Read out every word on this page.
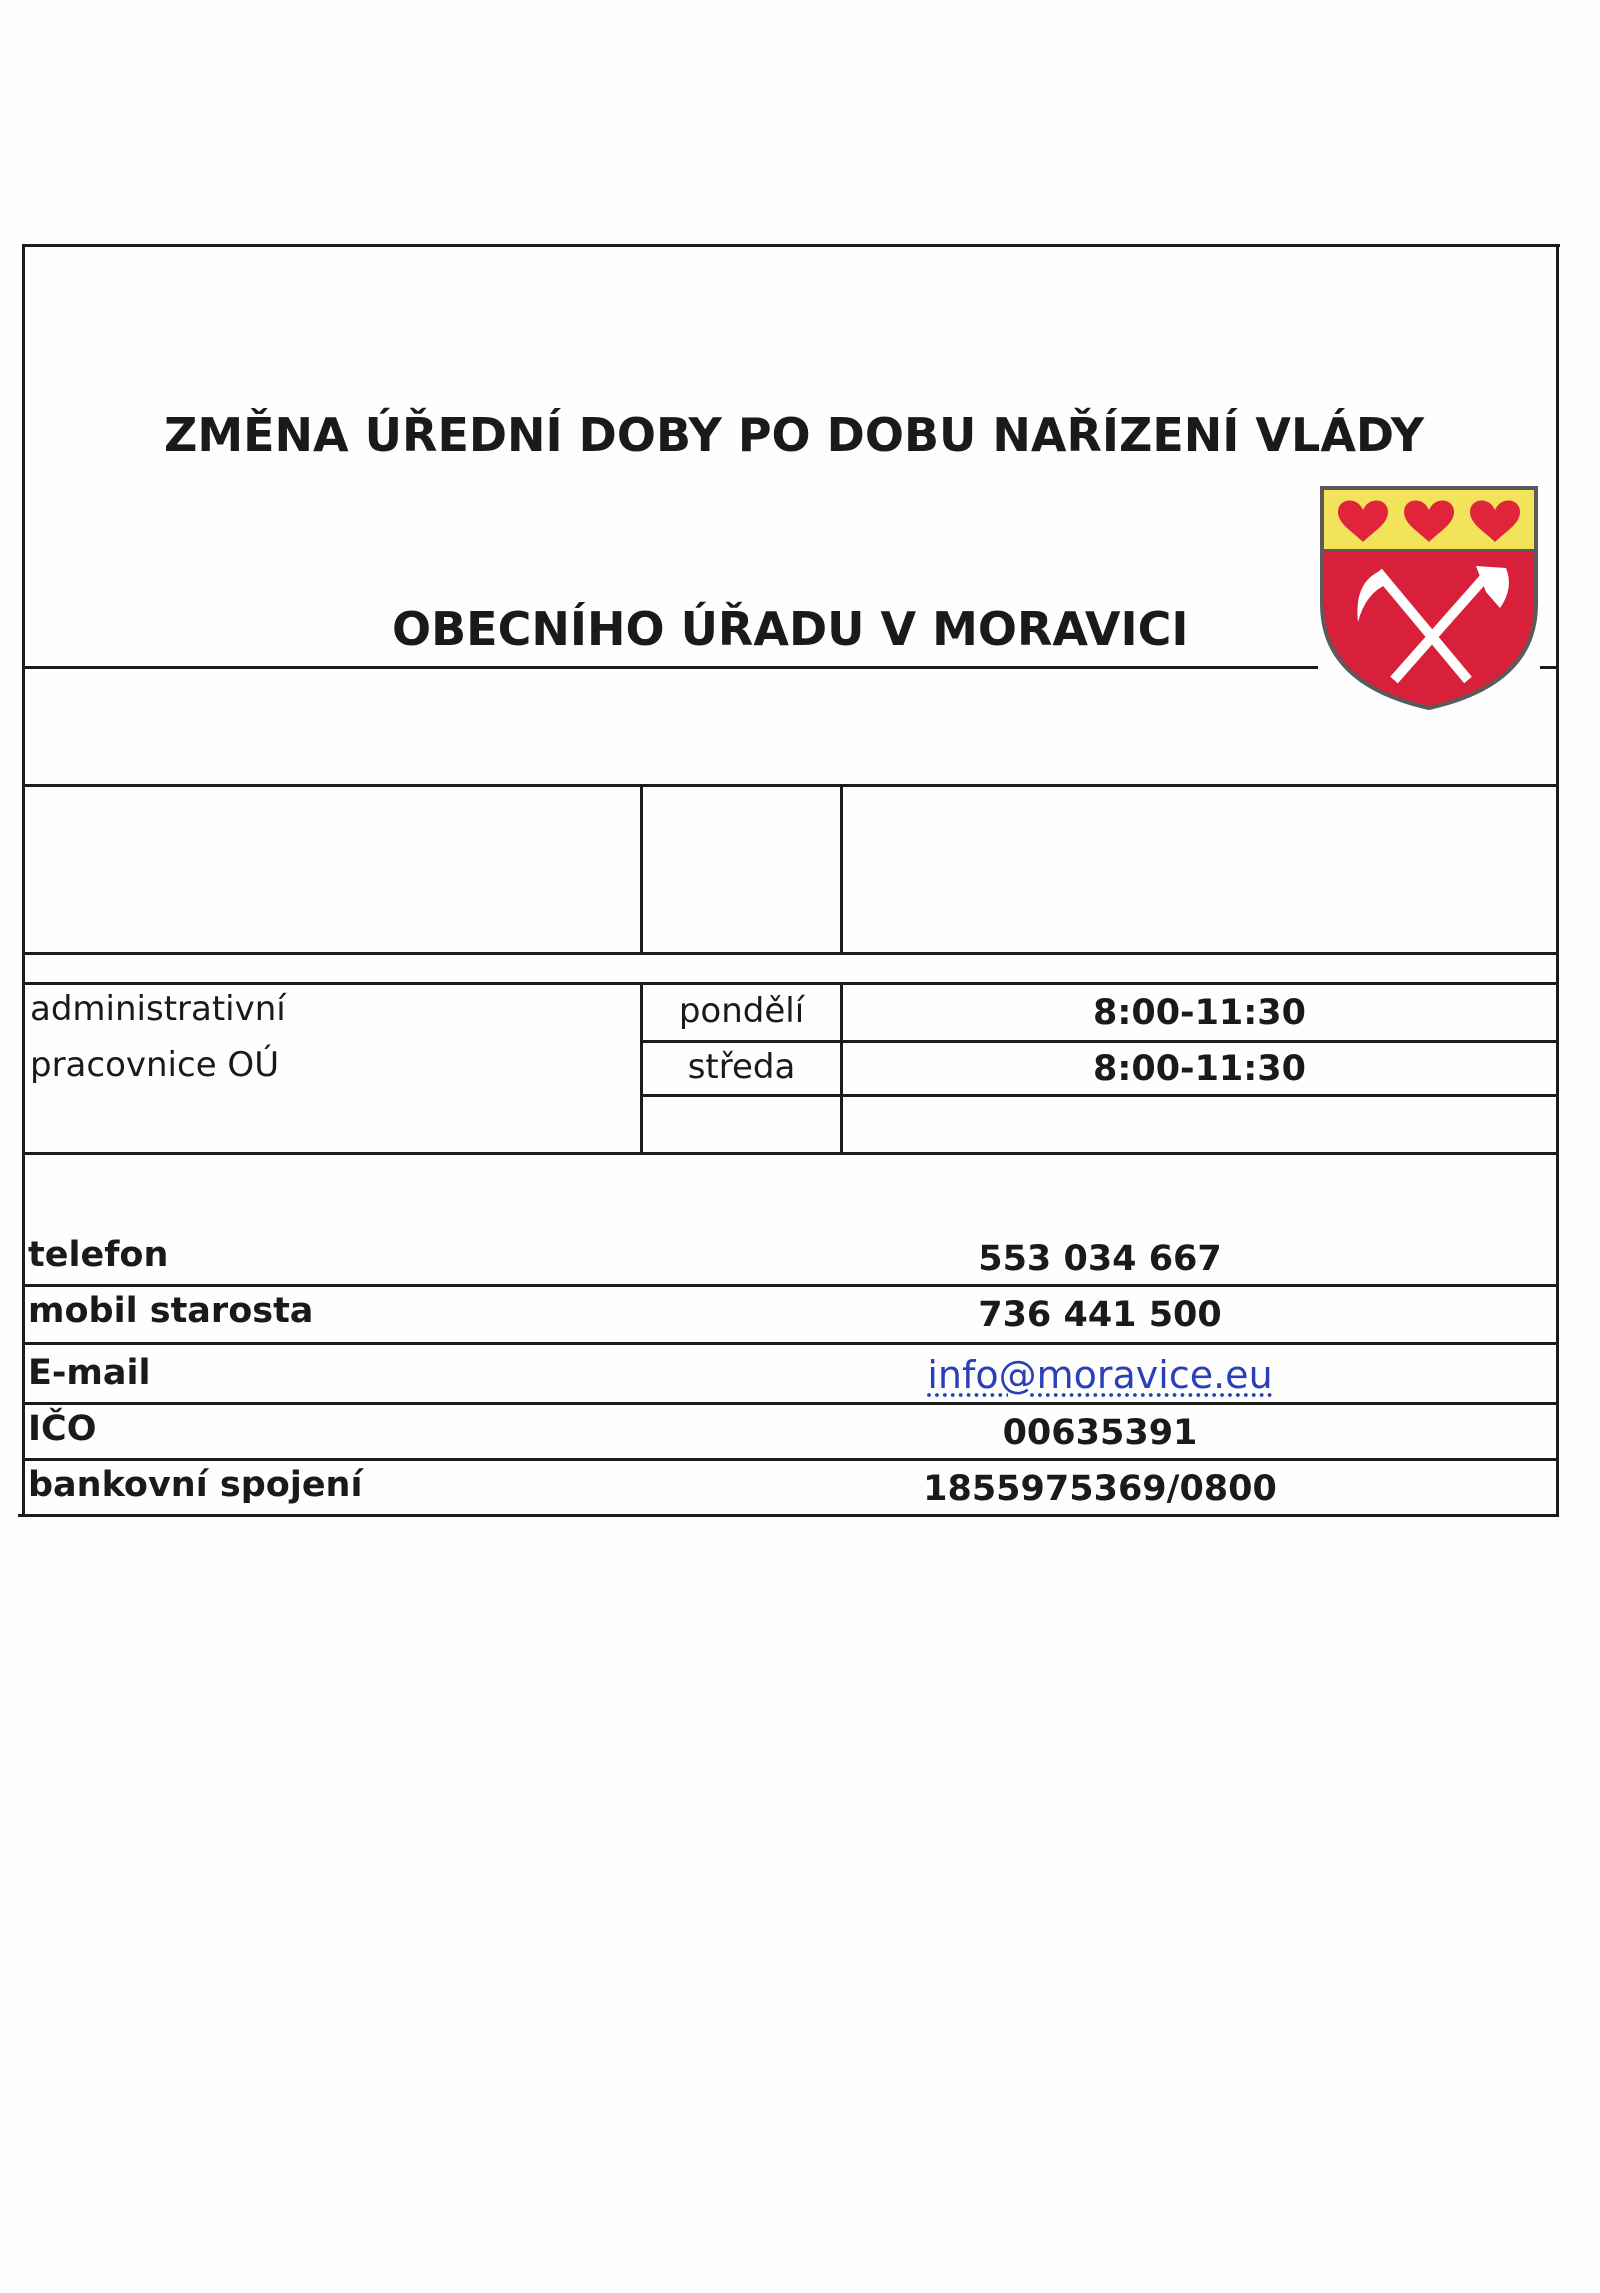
ZMĚNA ÚŘEDNÍ DOBY PO DOBU NAŘÍZENÍ VLÁDY
OBECNÍHO ÚŘADU V MORAVICI
administrativní
pracovnice OÚ
pondělí	8:00-11:30
středa	8:00-11:30
telefon	553 034 667
mobil starosta	736 441 500
E-mail	info@moravice.eu
IČO	00635391
bankovní spojení	1855975369/0800
